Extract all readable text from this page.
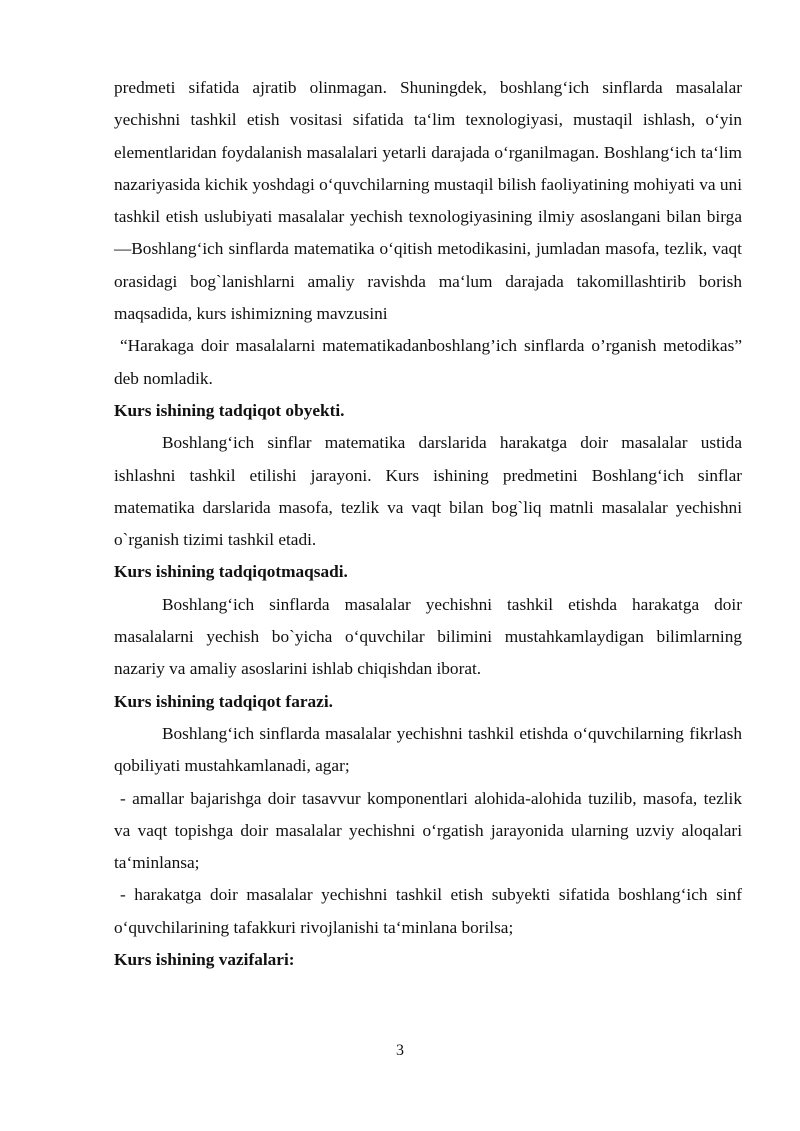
predmeti sifatida ajratib olinmagan. Shuningdek, boshlang‘ich sinflarda masalalar yechishni tashkil etish vositasi sifatida ta‘lim texnologiyasi, mustaqil ishlash, o‘yin elementlaridan foydalanish masalalari yetarli darajada o‘rganilmagan. Boshlang‘ich ta‘lim nazariyasida kichik yoshdagi o‘quvchilarning mustaqil bilish faoliyatining mohiyati va uni tashkil etish uslubiyati masalalar yechish texnologiyasining ilmiy asoslangani bilan birga —Boshlang‘ich sinflarda matematika o‘qitish metodikasini, jumladan masofa, tezlik, vaqt orasidagi bog`lanishlarni amaliy ravishda ma‘lum darajada takomillashtirib borish maqsadida, kurs ishimizning mavzusini

“Harakaga doir masalalarni matematikadanboshlang’ich sinflarda o’rganish metodikas” deb nomladik.

Kurs ishining tadqiqot obyekti.

Boshlang‘ich sinflar matematika darslarida harakatga doir masalalar ustida ishlashni tashkil etilishi jarayoni. Kurs ishining predmetini Boshlang‘ich sinflar matematika darslarida masofa, tezlik va vaqt bilan bog`liq matnli masalalar yechishni o`rganish tizimi tashkil etadi.

Kurs ishining tadqiqotmaqsadi.

Boshlang‘ich sinflarda masalalar yechishni tashkil etishda harakatga doir masalalarni yechish bo`yicha o‘quvchilar bilimini mustahkamlaydigan bilimlarning nazariy va amaliy asoslarini ishlab chiqishdan iborat.

Kurs ishining tadqiqot farazi.

Boshlang‘ich sinflarda masalalar yechishni tashkil etishda o‘quvchilarning fikrlash qobiliyati mustahkamlanadi, agar;

- amallar bajarishga doir tasavvur komponentlari alohida-alohida tuzilib, masofa, tezlik va vaqt topishga doir masalalar yechishni o‘rgatish jarayonida ularning uzviy aloqalari ta‘minlansa;

- harakatga doir masalalar yechishni tashkil etish subyekti sifatida boshlang‘ich sinf o‘quvchilarining tafakkuri rivojlanishi ta‘minlana borilsa;

Kurs ishining vazifalari:

3
